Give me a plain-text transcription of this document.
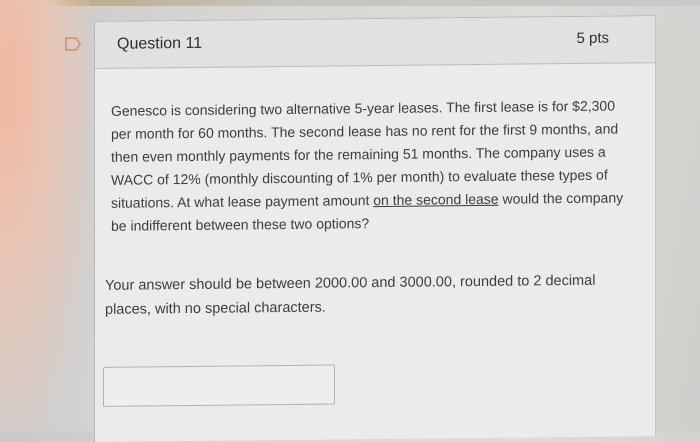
Question 11	5 pts
Genesco is considering two alternative 5-year leases. The first lease is for $2,300 per month for 60 months. The second lease has no rent for the first 9 months, and then even monthly payments for the remaining 51 months. The company uses a WACC of 12% (monthly discounting of 1% per month) to evaluate these types of situations. At what lease payment amount on the second lease would the company be indifferent between these two options?
Your answer should be between 2000.00 and 3000.00, rounded to 2 decimal places, with no special characters.
